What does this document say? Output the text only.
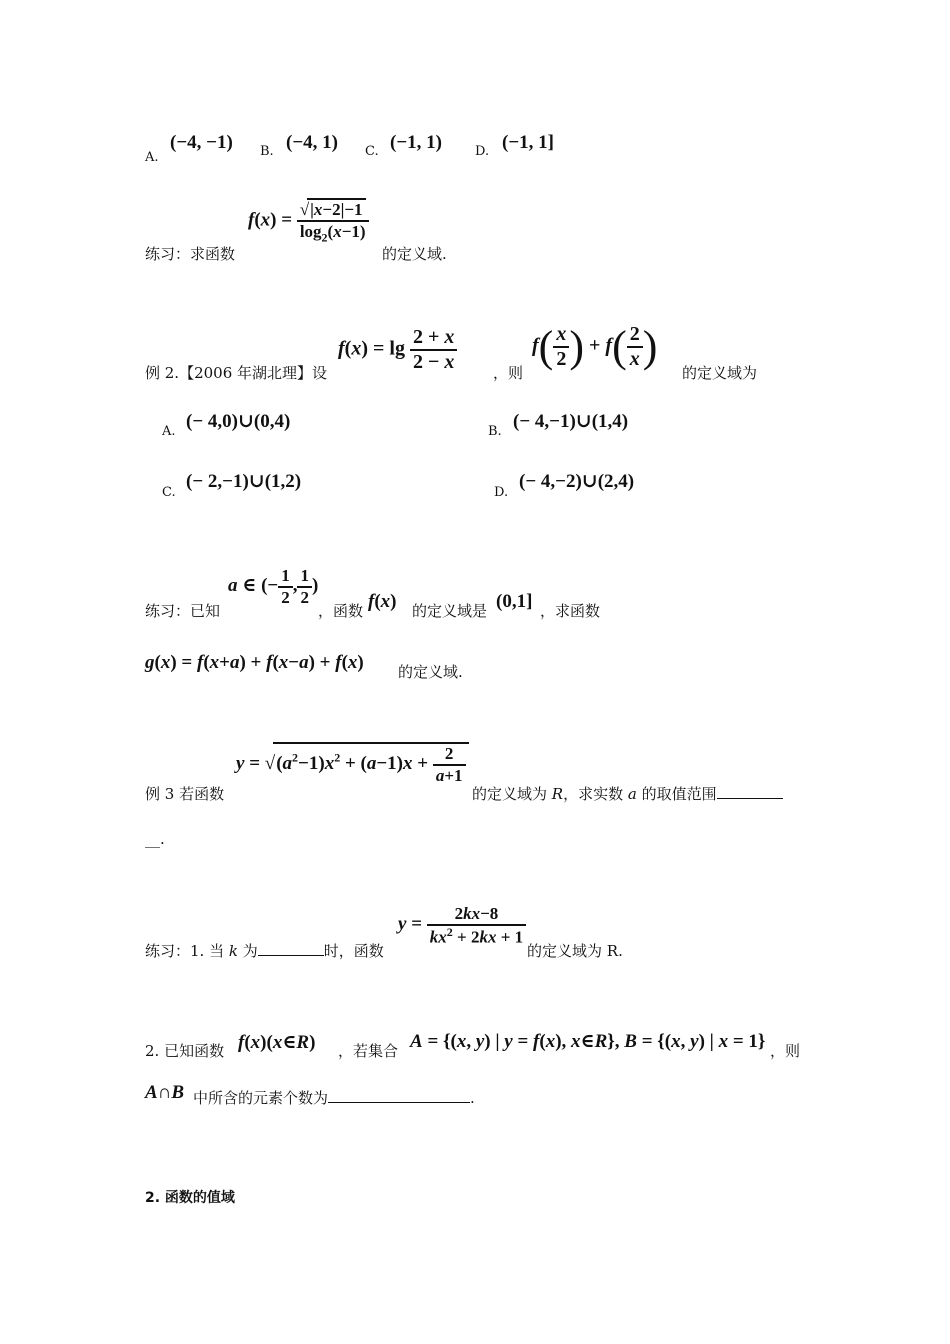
A.
(−4, −1) B. (−4, 1) C. (−1, 1)	D. (−1, 1]
练习：求函数
$f(x) = \frac{√|x-2|-1}{\log_2(x-1)}$
的定义域.
例 2.【2006 年湖北理】设
$f(x) = \lg \frac{2 + x}{2 - x}$ ，则
$f( \frac{x}{2}$ ) + $f( \frac{2}{x}$ )
的定义域为
A. (− 4,0)∪(0,4)	B. (− 4,−1)∪(1,4)
C.
(− 2,−1)∪(1,2)
D.
(− 4,−2)∪(2,4)
练习：已知
a ∈ (− $\frac{1}{2}$ , $\frac{1}{2}$ )
，函数 f(x) 的定义域是 (0,1] ，求函数
g(x) = f(x+a) + f(x−a) + f(x) 的定义域.
例 3 若函数
$y = √(a^2-1)x^2 + (a-1)x + \frac{2}{a+1}$
的定义域为 R，求实数 a 的取值范围
__.
练习：1. 当 k 为	时，函数
$y = \frac{2kx-8}{kx^2 + 2kx + 1}$
的定义域为 R.
2. 已知函数 f(x)(x∈R) ，若集合 A = {(x, y) | y = f(x), x∈R}, B = {(x, y) | x = 1} ，则
A∩B 中所含的元素个数为	.
2. 函数的值域
